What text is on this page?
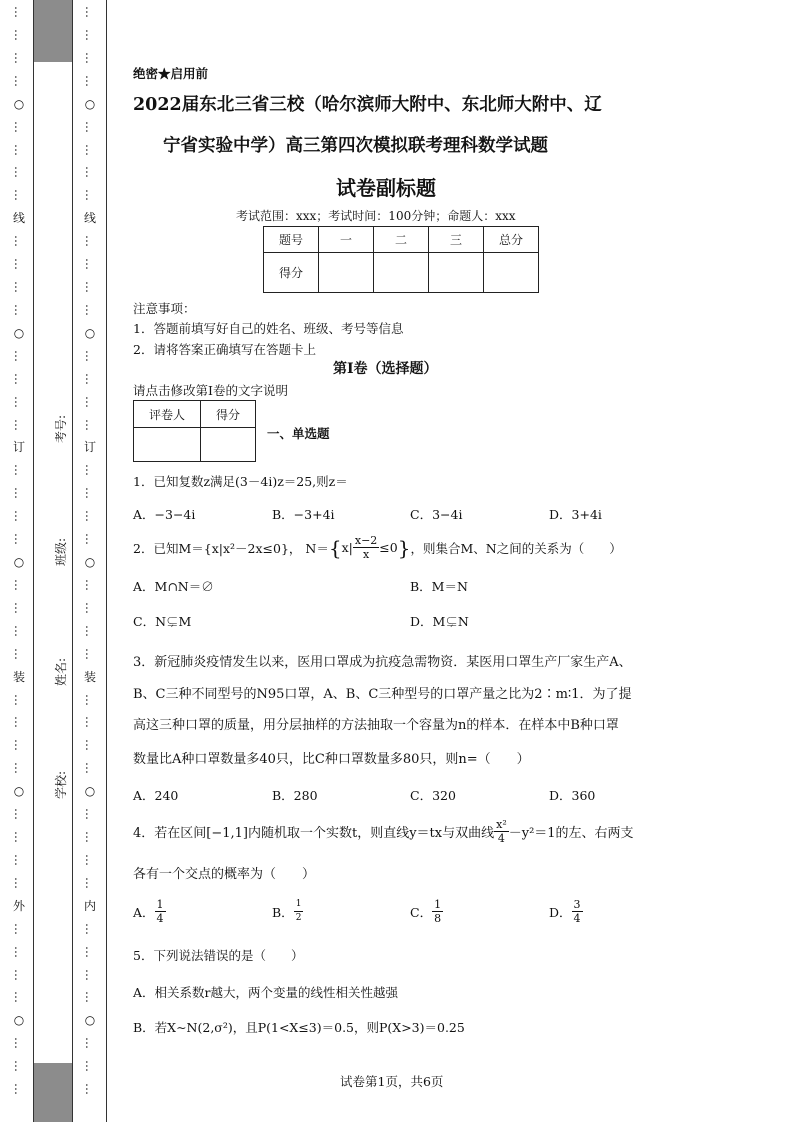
…
…
…
…
○
…
…
…
…
线
…
…
…
…
○
…
…
…
…
订
…
…
…
…
○
…
…
…
…
装
…
…
…
…
○
…
…
…
…
外
…
…
…
…
○
…
…
…
…
…
…
…
○
…
…
…
…
线
…
…
…
…
○
…
…
…
…
订
…
…
…
…
○
…
…
…
…
装
…
…
…
…
○
…
…
…
…
内
…
…
…
…
○
…
…
…
考号:
班级:
姓名:
学校:
绝密★启用前
2022届东北三省三校（哈尔滨师大附中、东北师大附中、辽
宁省实验中学）高三第四次模拟联考理科数学试题
试卷副标题
考试范围：xxx；考试时间：100分钟；命题人：xxx
题号	一	二	三	总分
得分				
注意事项：
1．答题前填写好自己的姓名、班级、考号等信息
2．请将答案正确填写在答题卡上
第I卷（选择题）
请点击修改第I卷的文字说明
评卷人	得分

一、单选题
1．已知复数z满足(3－4i)z＝25,则z＝
A．−3−4i	B．−3+4i	C．3−4i	D．3+4i
2．已知M＝{x|x²－2x≤0}， N＝ { $x| \frac{x-2}{x} \le 0$ } ，则集合M、N之间的关系为（　　）
A．M∩N＝∅	B．M＝N
C．N⊊M	D．M⊊N
3．新冠肺炎疫情发生以来，医用口罩成为抗疫急需物资．某医用口罩生产厂家生产A、
B、C三种不同型号的N95口罩，A、B、C三种型号的口罩产量之比为2∶m∶1．为了提
高这三种口罩的质量，用分层抽样的方法抽取一个容量为n的样本．在样本中B种口罩
数量比A种口罩数量多40只，比C种口罩数量多80只，则n=（　　）
A．240	B．280	C．320	D．360
4．若在区间[−1,1]内随机取一个实数t，则直线y＝tx与双曲线 $\frac{\text{x²}}{4} -y^2=1$的左、右两支
各有一个交点的概率为（　　）
A． $\frac{1}{4}$	B． $\frac{1}{2}$	C． $\frac{1}{8}$	D． $\frac{3}{4}$
5．下列说法错误的是（　　）
A．相关系数r越大，两个变量的线性相关性越强
B．若X∼N(2,σ²)，且P(1<X≤3)＝0.5，则P(X>3)＝0.25
试卷第1页，共6页
